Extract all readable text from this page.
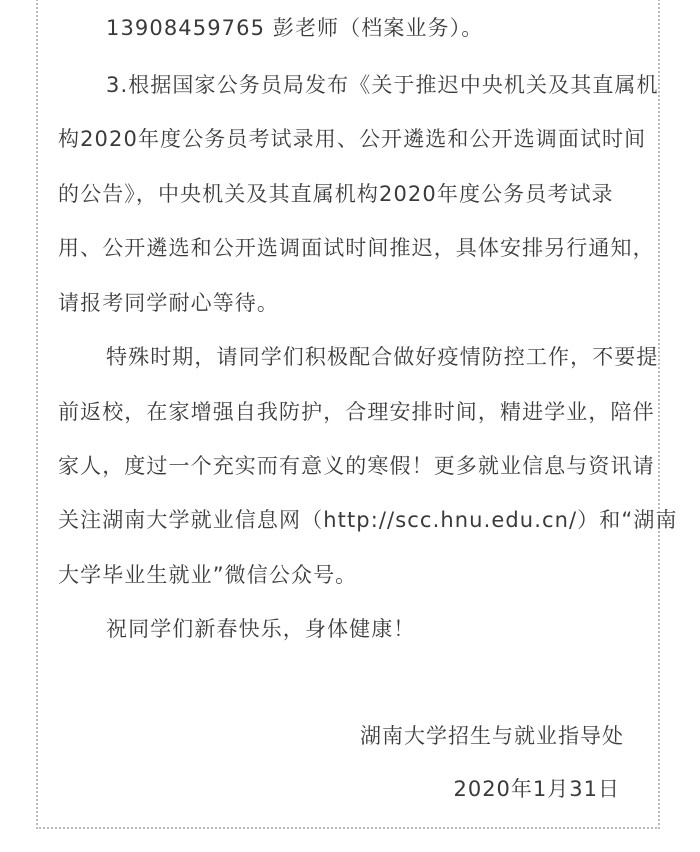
13908459765 彭老师（档案业务）。
3.根据国家公务员局发布《关于推迟中央机关及其直属机
构2020年度公务员考试录用、公开遴选和公开选调面试时间
的公告》，中央机关及其直属机构2020年度公务员考试录
用、公开遴选和公开选调面试时间推迟，具体安排另行通知，
请报考同学耐心等待。
特殊时期，请同学们积极配合做好疫情防控工作，不要提
前返校，在家增强自我防护，合理安排时间，精进学业，陪伴
家人，度过一个充实而有意义的寒假！更多就业信息与资讯请
关注湖南大学就业信息网（http://scc.hnu.edu.cn/）和“湖南
大学毕业生就业”微信公众号。
祝同学们新春快乐，身体健康！
湖南大学招生与就业指导处
2020年1月31日
